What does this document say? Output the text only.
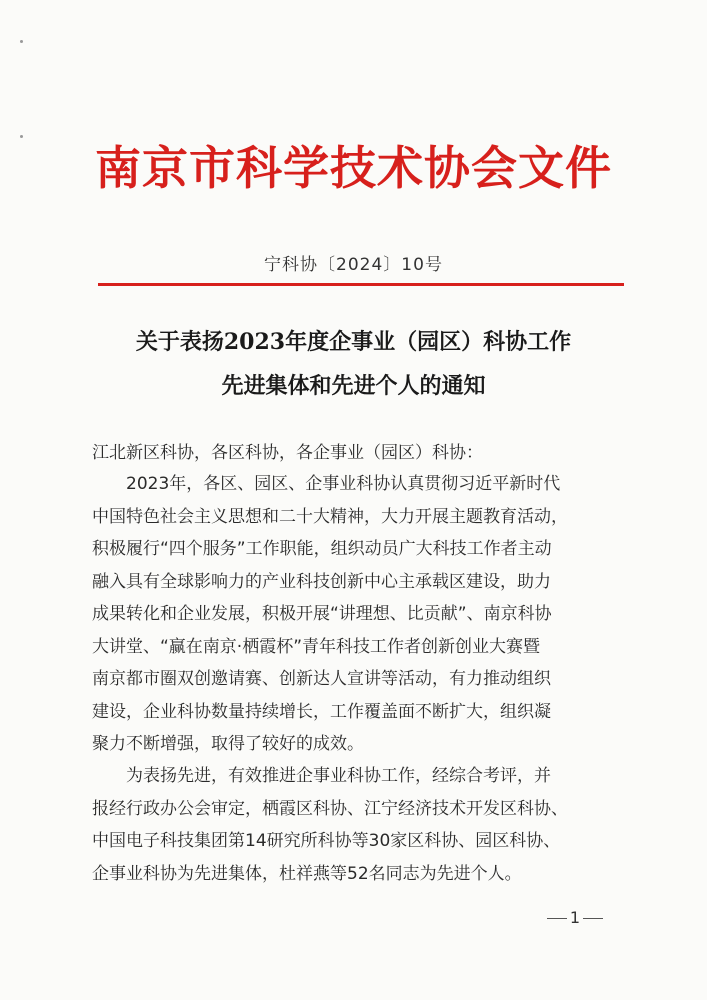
南京市科学技术协会文件
宁科协〔2024〕10号
关于表扬2023年度企事业（园区）科协工作
先进集体和先进个人的通知
江北新区科协，各区科协，各企事业（园区）科协：
2023年，各区、园区、企事业科协认真贯彻习近平新时代
中国特色社会主义思想和二十大精神，大力开展主题教育活动，
积极履行“四个服务”工作职能，组织动员广大科技工作者主动
融入具有全球影响力的产业科技创新中心主承载区建设，助力
成果转化和企业发展，积极开展“讲理想、比贡献”、南京科协
大讲堂、“赢在南京·栖霞杯”青年科技工作者创新创业大赛暨
南京都市圈双创邀请赛、创新达人宣讲等活动，有力推动组织
建设，企业科协数量持续增长，工作覆盖面不断扩大，组织凝
聚力不断增强，取得了较好的成效。
为表扬先进，有效推进企事业科协工作，经综合考评，并
报经行政办公会审定，栖霞区科协、江宁经济技术开发区科协、
中国电子科技集团第14研究所科协等30家区科协、园区科协、
企事业科协为先进集体，杜祥燕等52名同志为先进个人。
1
